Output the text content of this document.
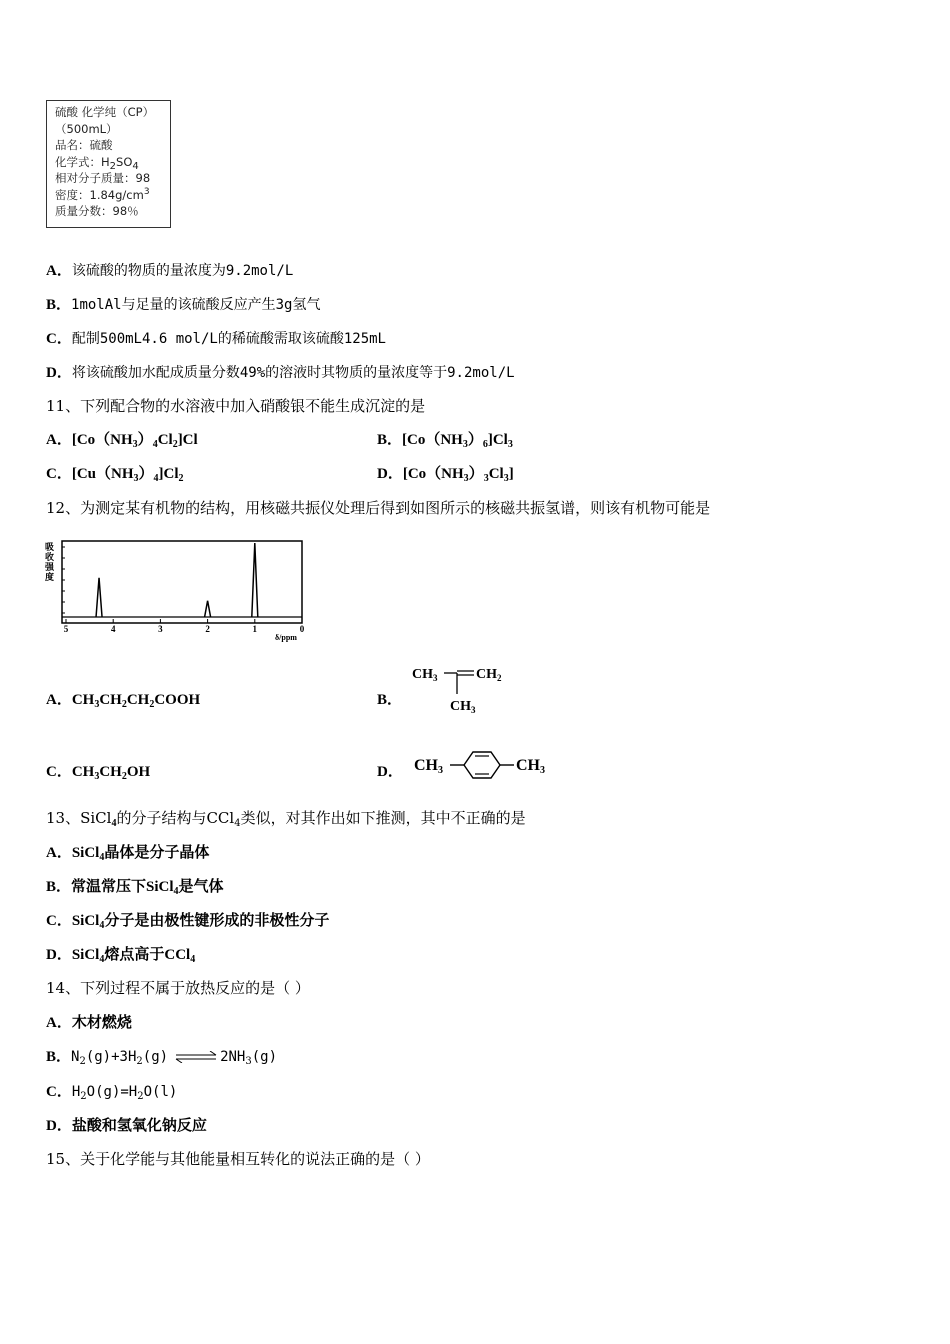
硫酸 化学纯（CP）
（500mL）
品名：硫酸
化学式：$H_2SO_4$
相对分子质量：98
密度：$1.84g/cm^3$
质量分数：98％
A．该硫酸的物质的量浓度为9.2mol/L
B．1molAl与足量的该硫酸反应产生3g氢气
C．配制500mL4.6 mol/L的稀硫酸需取该硫酸125mL
D．将该硫酸加水配成质量分数49%的溶液时其物质的量浓度等于9.2mol/L
11、下列配合物的水溶液中加入硝酸银不能生成沉淀的是
A．$[Co(NH_3)_4Cl_2]Cl$	B．$[Co(NH_3)_6]Cl_3$
C．$[Cu(NH_3)_4]Cl_2$	D．$[Co(NH_3)_3Cl_3]$
12、为测定某有机物的结构，用核磁共振仪处理后得到如图所示的核磁共振氢谱，则该有机物可能是
吸
收
强
度
5	4	3	2	1	0
δ/ppm
A．$CH_3CH_2CH_2COOH$	B．
$CH_3$	$CH_2$
$CH_3$
C．$CH_3CH_2OH$	D． CH3	CH3
13、SiCl$_4$的分子结构与CCl$_4$类似，对其作出如下推测，其中不正确的是
A．SiCl$_4$晶体是分子晶体
B．常温常压下SiCl$_4$是气体
C．SiCl$_4$分子是由极性键形成的非极性分子
D．SiCl$_4$熔点高于CCl$_4$
14、下列过程不属于放热反应的是（ ）
A．木材燃烧
B．$N_2(g)+3H_2(g)$ ⇌ $2NH_3(g)$
C．$H_2O(g)=H_2O(l)$
D．盐酸和氢氧化钠反应
15、关于化学能与其他能量相互转化的说法正确的是（ ）
